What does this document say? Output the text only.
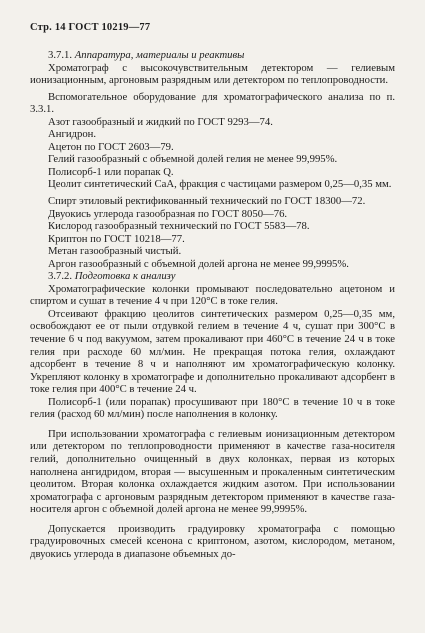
Стр. 14 ГОСТ 10219—77

3.7.1. Аппаратура, материалы и реактивы

Хроматограф с высокочувствительным детектором — гелиевым ионизационным, аргоновым разрядным или детектором по теплопроводности.

Вспомогательное оборудование для хроматографического анализа по п. 3.3.1.

Азот газообразный и жидкий по ГОСТ 9293—74.

Ангидрон.

Ацетон по ГОСТ 2603—79.

Гелий газообразный с объемной долей гелия не менее 99,995%.

Полисорб-1 или порапак Q.

Цеолит синтетический CaA, фракция с частицами размером 0,25—0,35 мм.

Спирт этиловый ректификованный технический по ГОСТ 18300—72.

Двуокись углерода газообразная по ГОСТ 8050—76.

Кислород газообразный технический по ГОСТ 5583—78.

Криптон по ГОСТ 10218—77.

Метан газообразный чистый.

Аргон газообразный с объемной долей аргона не менее 99,9995%.

3.7.2. Подготовка к анализу

Хроматографические колонки промывают последовательно ацетоном и спиртом и сушат в течение 4 ч при 120°С в токе гелия.

Отсеивают фракцию цеолитов синтетических размером 0,25—0,35 мм, освобождают ее от пыли отдувкой гелием в течение 4 ч, сушат при 300°С в течение 6 ч под вакуумом, затем прокаливают при 460°С в течение 24 ч в токе гелия при расходе 60 мл/мин. Не прекращая потока гелия, охлаждают адсорбент в течение 8 ч и наполняют им хроматографическую колонку. Укрепляют колонку в хроматографе и дополнительно прокаливают адсорбент в токе гелия при 400°С в течение 24 ч.

Полисорб-1 (или порапак) просушивают при 180°С в течение 10 ч в токе гелия (расход 60 мл/мин) после наполнения в колонку.

При использовании хроматографа с гелиевым ионизационным детектором или детектором по теплопроводности применяют в качестве газа-носителя гелий, дополнительно очищенный в двух колонках, первая из которых наполнена ангидридом, вторая — высушенным и прокаленным синтетическим цеолитом. Вторая колонка охлаждается жидким азотом. При использовании хроматографа с аргоновым разрядным детектором применяют в качестве газа-носителя аргон с объемной долей аргона не менее 99,9995%.

Допускается производить градуировку хроматографа с помощью градуировочных смесей ксенона с криптоном, азотом, кислородом, метаном, двуокись углерода в диапазоне объемных до-
